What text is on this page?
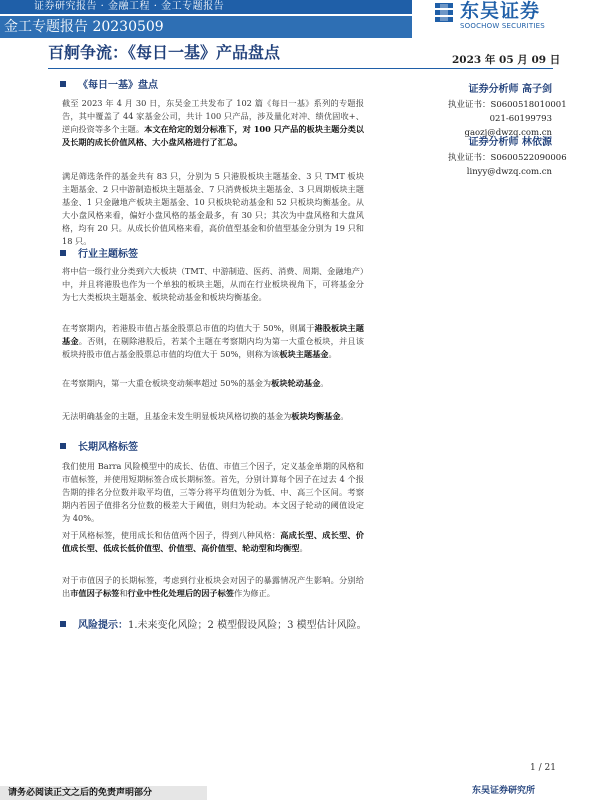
证券研究报告 · 金融工程 · 金工专题报告
金工专题报告 20230509
东吴证券
SOOCHOW SECURITIES
百舸争流：《每日一基》产品盘点	2023 年 05 月 09 日
《每日一基》盘点

截至 2023 年 4 月 30 日，东吴金工共发布了 102 篇《每日一基》系列的专题报告，其中覆盖了 44 家基金公司，共计 100 只产品，涉及量化对冲、绩优固收+、逆向投资等多个主题。本文在给定的划分标准下，对 100 只产品的板块主题分类以及长期的成长价值风格、大小盘风格进行了汇总。

满足筛选条件的基金共有 83 只，分别为 5 只港股板块主题基金、3 只 TMT 板块主题基金、2 只中游制造板块主题基金、7 只消费板块主题基金、3 只周期板块主题基金、1 只金融地产板块主题基金、10 只板块轮动基金和 52 只板块均衡基金。从大小盘风格来看，偏好小盘风格的基金最多，有 30 只；其次为中盘风格和大盘风格，均有 20 只。从成长价值风格来看，高价值型基金和价值型基金分别为 19 只和 18 只。

行业主题标签

将中信一级行业分类到六大板块（TMT、中游制造、医药、消费、周期、金融地产）中，并且将港股也作为一个单独的板块主题，从而在行业板块视角下，可将基金分为七大类板块主题基金、板块轮动基金和板块均衡基金。

在考察期内，若港股市值占基金股票总市值的均值大于 50%，则属于港股板块主题基金。否则，在剔除港股后，若某个主题在考察期内均为第一大重仓板块，并且该板块持股市值占基金股票总市值的均值大于 50%，则称为该板块主题基金。

在考察期内，第一大重仓板块变动频率超过 50%的基金为板块轮动基金。

无法明确基金的主题，且基金未发生明显板块风格切换的基金为板块均衡基金。

长期风格标签

我们使用 Barra 风险模型中的成长、估值、市值三个因子，定义基金单期的风格和市值标签，并使用短期标签合成长期标签。首先，分别计算每个因子在过去 4 个报告期的排名分位数并取平均值，三等分将平均值划分为低、中、高三个区间。考察期内若因子值排名分位数的极差大于阈值，则归为轮动。本文因子轮动的阈值设定为 40%。

对于风格标签，使用成长和估值两个因子，得到八种风格：高成长型、成长型、价值成长型、低成长低价值型、价值型、高价值型、轮动型和均衡型。

对于市值因子的长期标签，考虑到行业板块会对因子的暴露情况产生影响。分别给出市值因子标签和行业中性化处理后的因子标签作为修正。

风险提示：1.未来变化风险；2 模型假设风险；3 模型估计风险。
证券分析师 高子剑
执业证书：S0600518010001
021-60199793
gaozj@dwzq.com.cn
证券分析师 林依源
执业证书：S0600522090006
linyy@dwzq.com.cn
1 / 21
请务必阅读正文之后的免责声明部分	东吴证券研究所
